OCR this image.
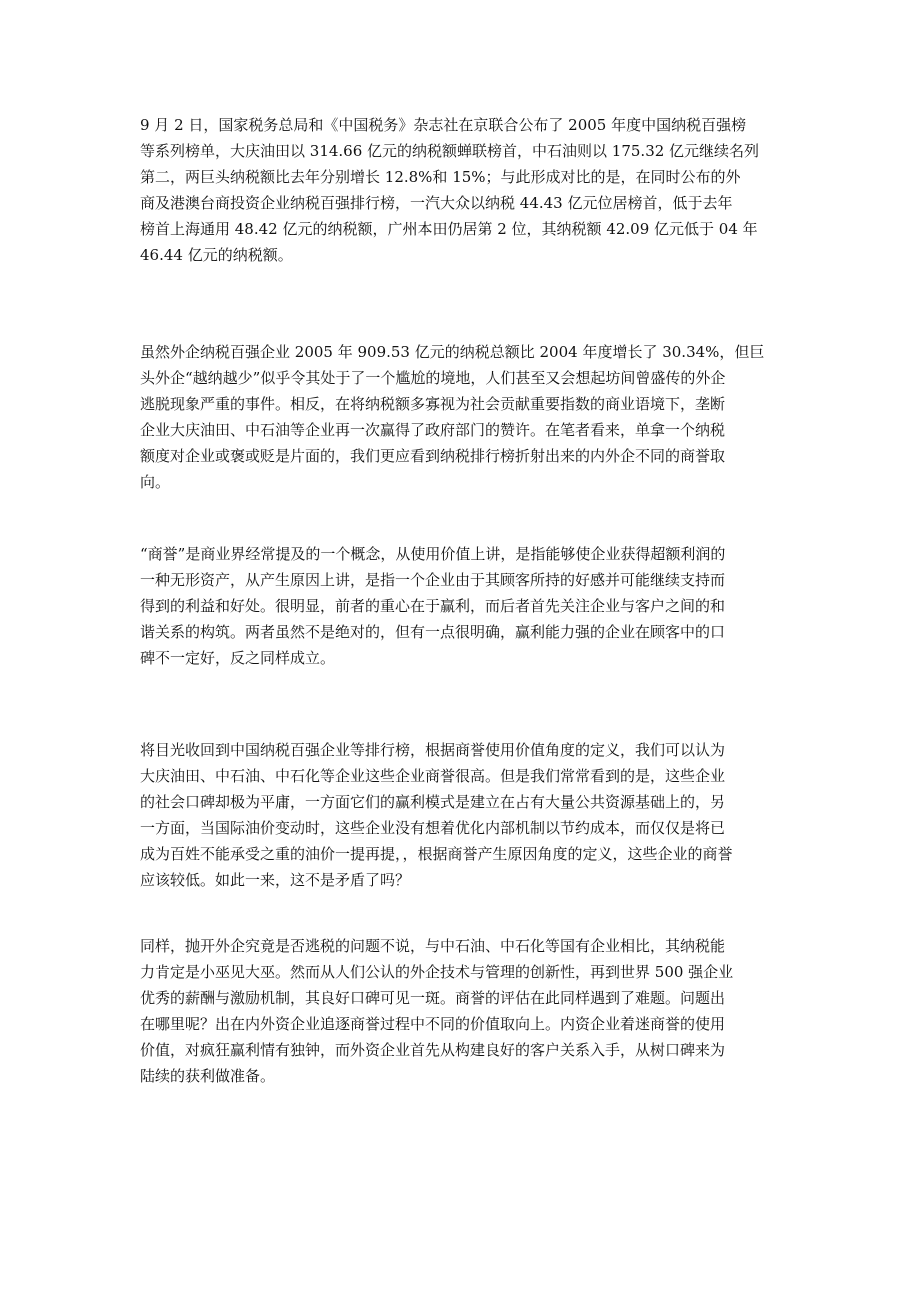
9 月 2 日，国家税务总局和《中国税务》杂志社在京联合公布了 2005 年度中国纳税百强榜
等系列榜单，大庆油田以 314.66 亿元的纳税额蝉联榜首，中石油则以 175.32 亿元继续名列
第二，两巨头纳税额比去年分别增长 12.8%和 15%；与此形成对比的是，在同时公布的外
商及港澳台商投资企业纳税百强排行榜，一汽大众以纳税 44.43 亿元位居榜首，低于去年
榜首上海通用 48.42 亿元的纳税额，广州本田仍居第 2 位，其纳税额 42.09 亿元低于 04 年
46.44 亿元的纳税额。
虽然外企纳税百强企业 2005 年 909.53 亿元的纳税总额比 2004 年度增长了 30.34%，但巨
头外企“越纳越少”似乎令其处于了一个尴尬的境地，人们甚至又会想起坊间曾盛传的外企
逃脱现象严重的事件。相反，在将纳税额多寡视为社会贡献重要指数的商业语境下，垄断
企业大庆油田、中石油等企业再一次赢得了政府部门的赞许。在笔者看来，单拿一个纳税
额度对企业或褒或贬是片面的，我们更应看到纳税排行榜折射出来的内外企不同的商誉取
向。
“商誉”是商业界经常提及的一个概念，从使用价值上讲，是指能够使企业获得超额利润的
一种无形资产，从产生原因上讲，是指一个企业由于其顾客所持的好感并可能继续支持而
得到的利益和好处。很明显，前者的重心在于赢利，而后者首先关注企业与客户之间的和
谐关系的构筑。两者虽然不是绝对的，但有一点很明确，赢利能力强的企业在顾客中的口
碑不一定好，反之同样成立。
将目光收回到中国纳税百强企业等排行榜，根据商誉使用价值角度的定义，我们可以认为
大庆油田、中石油、中石化等企业这些企业商誉很高。但是我们常常看到的是，这些企业
的社会口碑却极为平庸，一方面它们的赢利模式是建立在占有大量公共资源基础上的，另
一方面，当国际油价变动时，这些企业没有想着优化内部机制以节约成本，而仅仅是将已
成为百姓不能承受之重的油价一提再提，，根据商誉产生原因角度的定义，这些企业的商誉
应该较低。如此一来，这不是矛盾了吗？
同样，抛开外企究竟是否逃税的问题不说，与中石油、中石化等国有企业相比，其纳税能
力肯定是小巫见大巫。然而从人们公认的外企技术与管理的创新性，再到世界 500 强企业
优秀的薪酬与激励机制，其良好口碑可见一斑。商誉的评估在此同样遇到了难题。问题出
在哪里呢？出在内外资企业追逐商誉过程中不同的价值取向上。内资企业着迷商誉的使用
价值，对疯狂赢利情有独钟，而外资企业首先从构建良好的客户关系入手，从树口碑来为
陆续的获利做准备。
